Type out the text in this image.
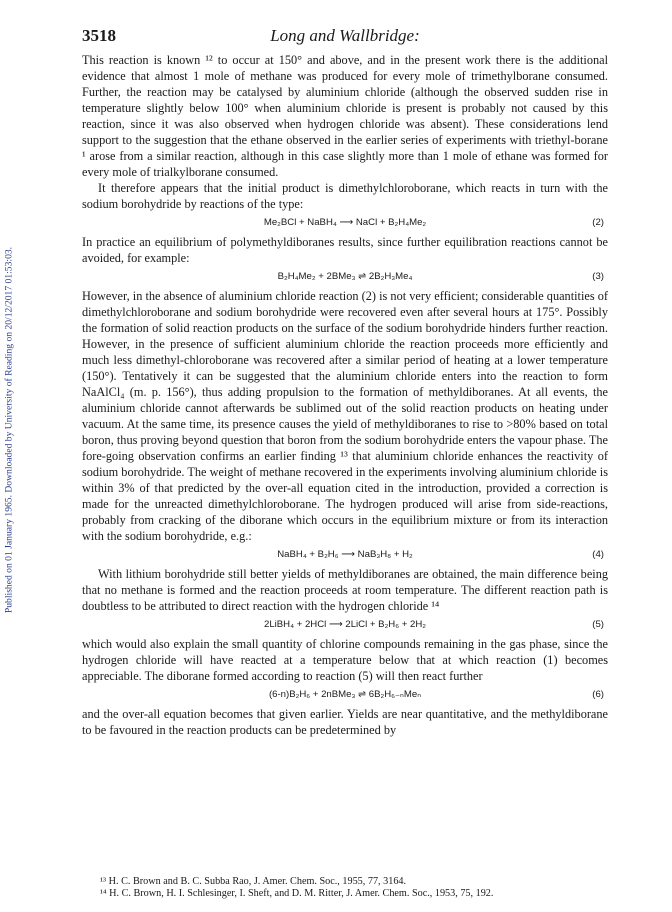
Published on 01 January 1965. Downloaded by University of Reading on 20/12/2017 01:53:03.
3518	Long and Wallbridge:

This reaction is known ¹² to occur at 150° and above, and in the present work there is the additional evidence that almost 1 mole of methane was produced for every mole of trimethylborane consumed. Further, the reaction may be catalysed by aluminium chloride (although the observed sudden rise in temperature slightly below 100° when aluminium chloride is present is probably not caused by this reaction, since it was also observed when hydrogen chloride was absent). These considerations lend support to the suggestion that the ethane observed in the earlier series of experiments with triethyl-borane ¹ arose from a similar reaction, although in this case slightly more than 1 mole of ethane was formed for every mole of trialkylborane consumed.

It therefore appears that the initial product is dimethylchloroborane, which reacts in turn with the sodium borohydride by reactions of the type:

Me₂BCl + NaBH₄ ⟶ NaCl + B₂H₄Me₂	(2)

In practice an equilibrium of polymethyldiboranes results, since further equilibration reactions cannot be avoided, for example:

B₂H₄Me₂ + 2BMe₃ ⇌ 2B₂H₃Me₄	(3)

However, in the absence of aluminium chloride reaction (2) is not very efficient; considerable quantities of dimethylchloroborane and sodium borohydride were recovered even after several hours at 175°. Possibly the formation of solid reaction products on the surface of the sodium borohydride hinders further reaction. However, in the presence of sufficient aluminium chloride the reaction proceeds more efficiently and much less dimethyl-chloroborane was recovered after a similar period of heating at a lower temperature (150°). Tentatively it can be suggested that the aluminium chloride enters into the reaction to form NaAlCl₄ (m. p. 156°), thus adding propulsion to the formation of methyldiboranes. At all events, the aluminium chloride cannot afterwards be sublimed out of the solid reaction products on heating under vacuum. At the same time, its presence causes the yield of methyldiboranes to rise to >80% based on total boron, thus proving beyond question that boron from the sodium borohydride enters the vapour phase. The fore-going observation confirms an earlier finding ¹³ that aluminium chloride enhances the reactivity of sodium borohydride. The weight of methane recovered in the experiments involving aluminium chloride is within 3% of that predicted by the over-all equation cited in the introduction, provided a correction is made for the unreacted dimethylchloroborane. The hydrogen produced will arise from side-reactions, probably from cracking of the diborane which occurs in the equilibrium mixture or from its interaction with the sodium borohydride, e.g.:

NaBH₄ + B₂H₆ ⟶ NaB₃H₈ + H₂	(4)

With lithium borohydride still better yields of methyldiboranes are obtained, the main difference being that no methane is formed and the reaction proceeds at room temperature. The different reaction path is doubtless to be attributed to direct reaction with the hydrogen chloride ¹⁴

2LiBH₄ + 2HCl ⟶ 2LiCl + B₂H₆ + 2H₂	(5)

which would also explain the small quantity of chlorine compounds remaining in the gas phase, since the hydrogen chloride will have reacted at a temperature below that at which reaction (1) becomes appreciable. The diborane formed according to reaction (5) will then react further

(6-n)B₂H₆ + 2nBMe₃ ⇌ 6B₂H₆₋ₙMeₙ	(6)

and the over-all equation becomes that given earlier. Yields are near quantitative, and the methyldiborane to be favoured in the reaction products can be predetermined by

¹³ H. C. Brown and B. C. Subba Rao, J. Amer. Chem. Soc., 1955, 77, 3164.

¹⁴ H. C. Brown, H. I. Schlesinger, I. Sheft, and D. M. Ritter, J. Amer. Chem. Soc., 1953, 75, 192.
